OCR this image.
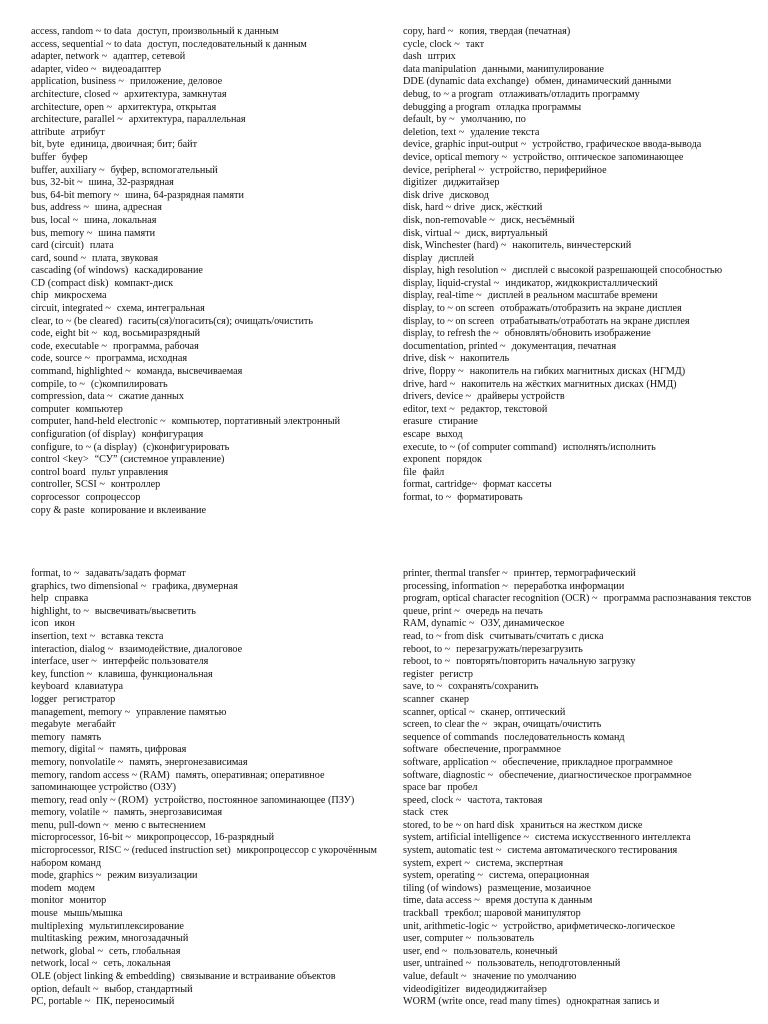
access, random ~ to data доступ, произвольный к данным
access, sequential ~ to data доступ, последовательный к данным
adapter, network ~ адаптер, сетевой
adapter, video ~ видеоадаптер
application, business ~ приложение, деловое
architecture, closed ~ архитектура, замкнутая
architecture, open ~ архитектура, открытая
architecture, parallel ~ архитектура, параллельная
attribute атрибут
bit, byte единица, двоичная; бит; байт
buffer буфер
buffer, auxiliary ~ буфер, вспомогательный
bus, 32-bit ~ шина, 32-разрядная
bus, 64-bit memory ~ шина, 64-разрядная памяти
bus, address ~ шина, адресная
bus, local ~ шина, локальная
bus, memory ~ шина памяти
card (circuit) плата
card, sound ~ плата, звуковая
cascading (of windows) каскадирование
CD (compact disk) компакт-диск
chip микросхема
circuit, integrated ~ схема, интегральная
clear, to ~ (be cleared) гасить(ся)/погасить(ся); очищать/очистить
code, eight bit ~ код, восьмиразрядный
code, executable ~ программа, рабочая
code, source ~ программа, исходная
command, highlighted ~ команда, высвечиваемая
compile, to ~ (с)компилировать
compression, data ~ сжатие данных
computer компьютер
computer, hand-held electronic ~ компьютер, портативный электронный
configuration (of display) конфигурация
configure, to ~ (a display) (с)конфигурировать
control <key> “СУ” (системное управление)
control board пульт управления
controller, SCSI ~ контроллер
coprocessor сопроцессор
copy & paste копирование и вклеивание
copy, hard ~ копия, твердая (печатная)
cycle, clock ~ такт
dash штрих
data manipulation данными, манипулирование
DDE (dynamic data exchange) обмен, динамический данными
debug, to ~ a program отлаживать/отладить программу
debugging a program отладка программы
default, by ~ умолчанию, по
deletion, text ~ удаление текста
device, graphic input-output ~ устройство, графическое ввода-вывода
device, optical memory ~ устройство, оптическое запоминающее
device, peripheral ~ устройство, периферийное
digitizer диджитайзер
disk drive дисковод
disk, hard ~ drive диск, жёсткий
disk, non-removable ~ диск, несъёмный
disk, virtual ~ диск, виртуальный
disk, Winchester (hard) ~ накопитель, винчестерский
display дисплей
display, high resolution ~ дисплей с высокой разрешающей способностью
display, liquid-crystal ~ индикатор, жидкокристаллический
display, real-time ~ дисплей в реальном масштабе времени
display, to ~ on screen отображать/отобразить на экране дисплея
display, to ~ on screen отрабатывать/отработать на экране дисплея
display, to refresh the ~ обновлять/обновить изображение
documentation, printed ~ документация, печатная
drive, disk ~ накопитель
drive, floppy ~ накопитель на гибких магнитных дисках (НГМД)
drive, hard ~ накопитель на жёстких магнитных дисках (НМД)
drivers, device ~ драйверы устройств
editor, text ~ редактор, текстовой
erasure стирание
escape выход
execute, to ~ (of computer command) исполнять/исполнить
exponent порядок
file файл
format, cartridge~ формат кассеты
format, to ~ форматировать
format, to ~ задавать/задать формат
graphics, two dimensional ~ графика, двумерная
help справка
highlight, to ~ высвечивать/высветить
icon икон
insertion, text ~ вставка текста
interaction, dialog ~ взаимодействие, диалоговое
interface, user ~ интерфейс пользователя
key, function ~ клавиша, функциональная
keyboard клавиатура
logger регистратор
management, memory ~ управление памятью
megabyte мегабайт
memory память
memory, digital ~ память, цифровая
memory, nonvolatile ~ память, энергонезависимая
memory, random access ~ (RAM) память, оперативная; оперативное запоминающее устройство (ОЗУ)
memory, read only ~ (ROM) устройство, постоянное запоминающее (ПЗУ)
memory, volatile ~ память, энергозависимая
menu, pull-down ~ меню с вытеснением
microprocessor, 16-bit ~ микропроцессор, 16-разрядный
microprocessor, RISC ~ (reduced instruction set) микропроцессор с укорочённым набором команд
mode, graphics ~ режим визуализации
modem модем
monitor монитор
mouse мышь/мышка
multiplexing мультиплексирование
multitasking режим, многозадачный
network, global ~ сеть, глобальная
network, local ~ сеть, локальная
OLE (object linking & embedding) связывание и встраивание объектов
option, default ~ выбор, стандартный
PC, portable ~ ПК, переносимый
printer, thermal transfer ~ принтер, термографический
processing, information ~ переработка информации
program, optical character recognition (OCR) ~ программа распознавания текстов
queue, print ~ очередь на печать
RAM, dynamic ~ ОЗУ, динамическое
read, to ~ from disk считывать/считать с диска
reboot, to ~ перезагружать/перезагрузить
reboot, to ~ повторять/повторить начальную загрузку
register регистр
save, to ~ сохранять/сохранить
scanner сканер
scanner, optical ~ сканер, оптический
screen, to clear the ~ экран, очищать/очистить
sequence of commands последовательность команд
software обеспечение, программное
software, application ~ обеспечение, прикладное программное
software, diagnostic ~ обеспечение, диагностическое программное
space bar пробел
speed, clock ~ частота, тактовая
stack стек
stored, to be ~ on hard disk храниться на жестком диске
system, artificial intelligence ~ система искусственного интеллекта
system, automatic test ~ система автоматического тестирования
system, expert ~ система, экспертная
system, operating ~ система, операционная
tiling (of windows) размещение, мозаичное
time, data access ~ время доступа к данным
trackball трекбол; шаровой манипулятор
unit, arithmetic-logic ~ устройство, арифметическо-логическое
user, computer ~ пользователь
user, end ~ пользователь, конечный
user, untrained ~ пользователь, неподготовленный
value, default ~ значение по умолчанию
videodigitizer видеодиджитайзер
WORM (write once, read many times) однократная запись и
